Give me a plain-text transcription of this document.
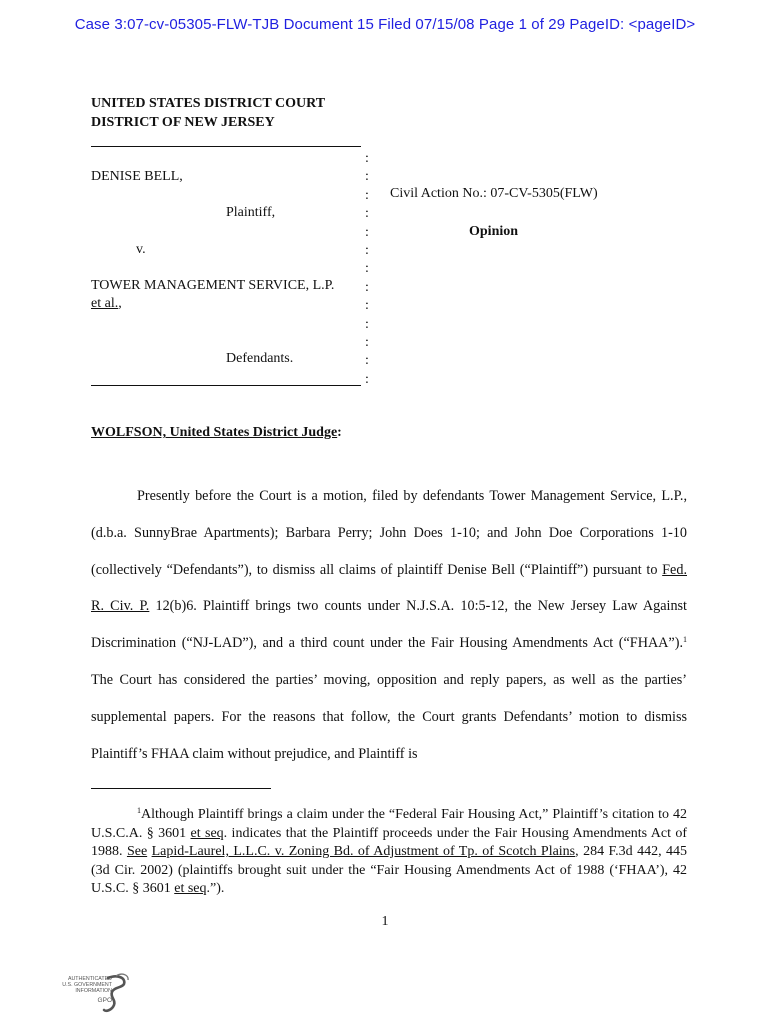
Case 3:07-cv-05305-FLW-TJB Document 15 Filed 07/15/08 Page 1 of 29 PageID: <pageID>
UNITED STATES DISTRICT COURT
DISTRICT OF NEW JERSEY
:
:
:
:
:
:
:
:
:
:
:
:
:
DENISE BELL,
Plaintiff,
v.
TOWER MANAGEMENT SERVICE, L.P.
et al.,
Defendants.
Civil Action No.: 07-CV-5305(FLW)
Opinion
WOLFSON, United States District Judge:
Presently before the Court is a motion, filed by defendants Tower Management Service, L.P., (d.b.a. SunnyBrae Apartments); Barbara Perry; John Does 1-10; and John Doe Corporations 1-10 (collectively “Defendants”), to dismiss all claims of plaintiff Denise Bell (“Plaintiff”) pursuant to Fed. R. Civ. P. 12(b)6. Plaintiff brings two counts under N.J.S.A. 10:5-12, the New Jersey Law Against Discrimination (“NJ-LAD”), and a third count under the Fair Housing Amendments Act (“FHAA”).$^1$ The Court has considered the parties’ moving, opposition and reply papers, as well as the parties’ supplemental papers. For the reasons that follow, the Court grants Defendants’ motion to dismiss Plaintiff’s FHAA claim without prejudice, and Plaintiff is
$^1$Although Plaintiff brings a claim under the “Federal Fair Housing Act,” Plaintiff’s citation to 42 U.S.C.A. § 3601 et seq. indicates that the Plaintiff proceeds under the Fair Housing Amendments Act of 1988. See Lapid-Laurel, L.L.C. v. Zoning Bd. of Adjustment of Tp. of Scotch Plains, 284 F.3d 442, 445 (3d Cir. 2002) (plaintiffs brought suit under the “Fair Housing Amendments Act of 1988 (‘FHAA’), 42 U.S.C. § 3601 et seq.”).
1
AUTHENTICATED
U.S. GOVERNMENT
INFORMATION
GPO
